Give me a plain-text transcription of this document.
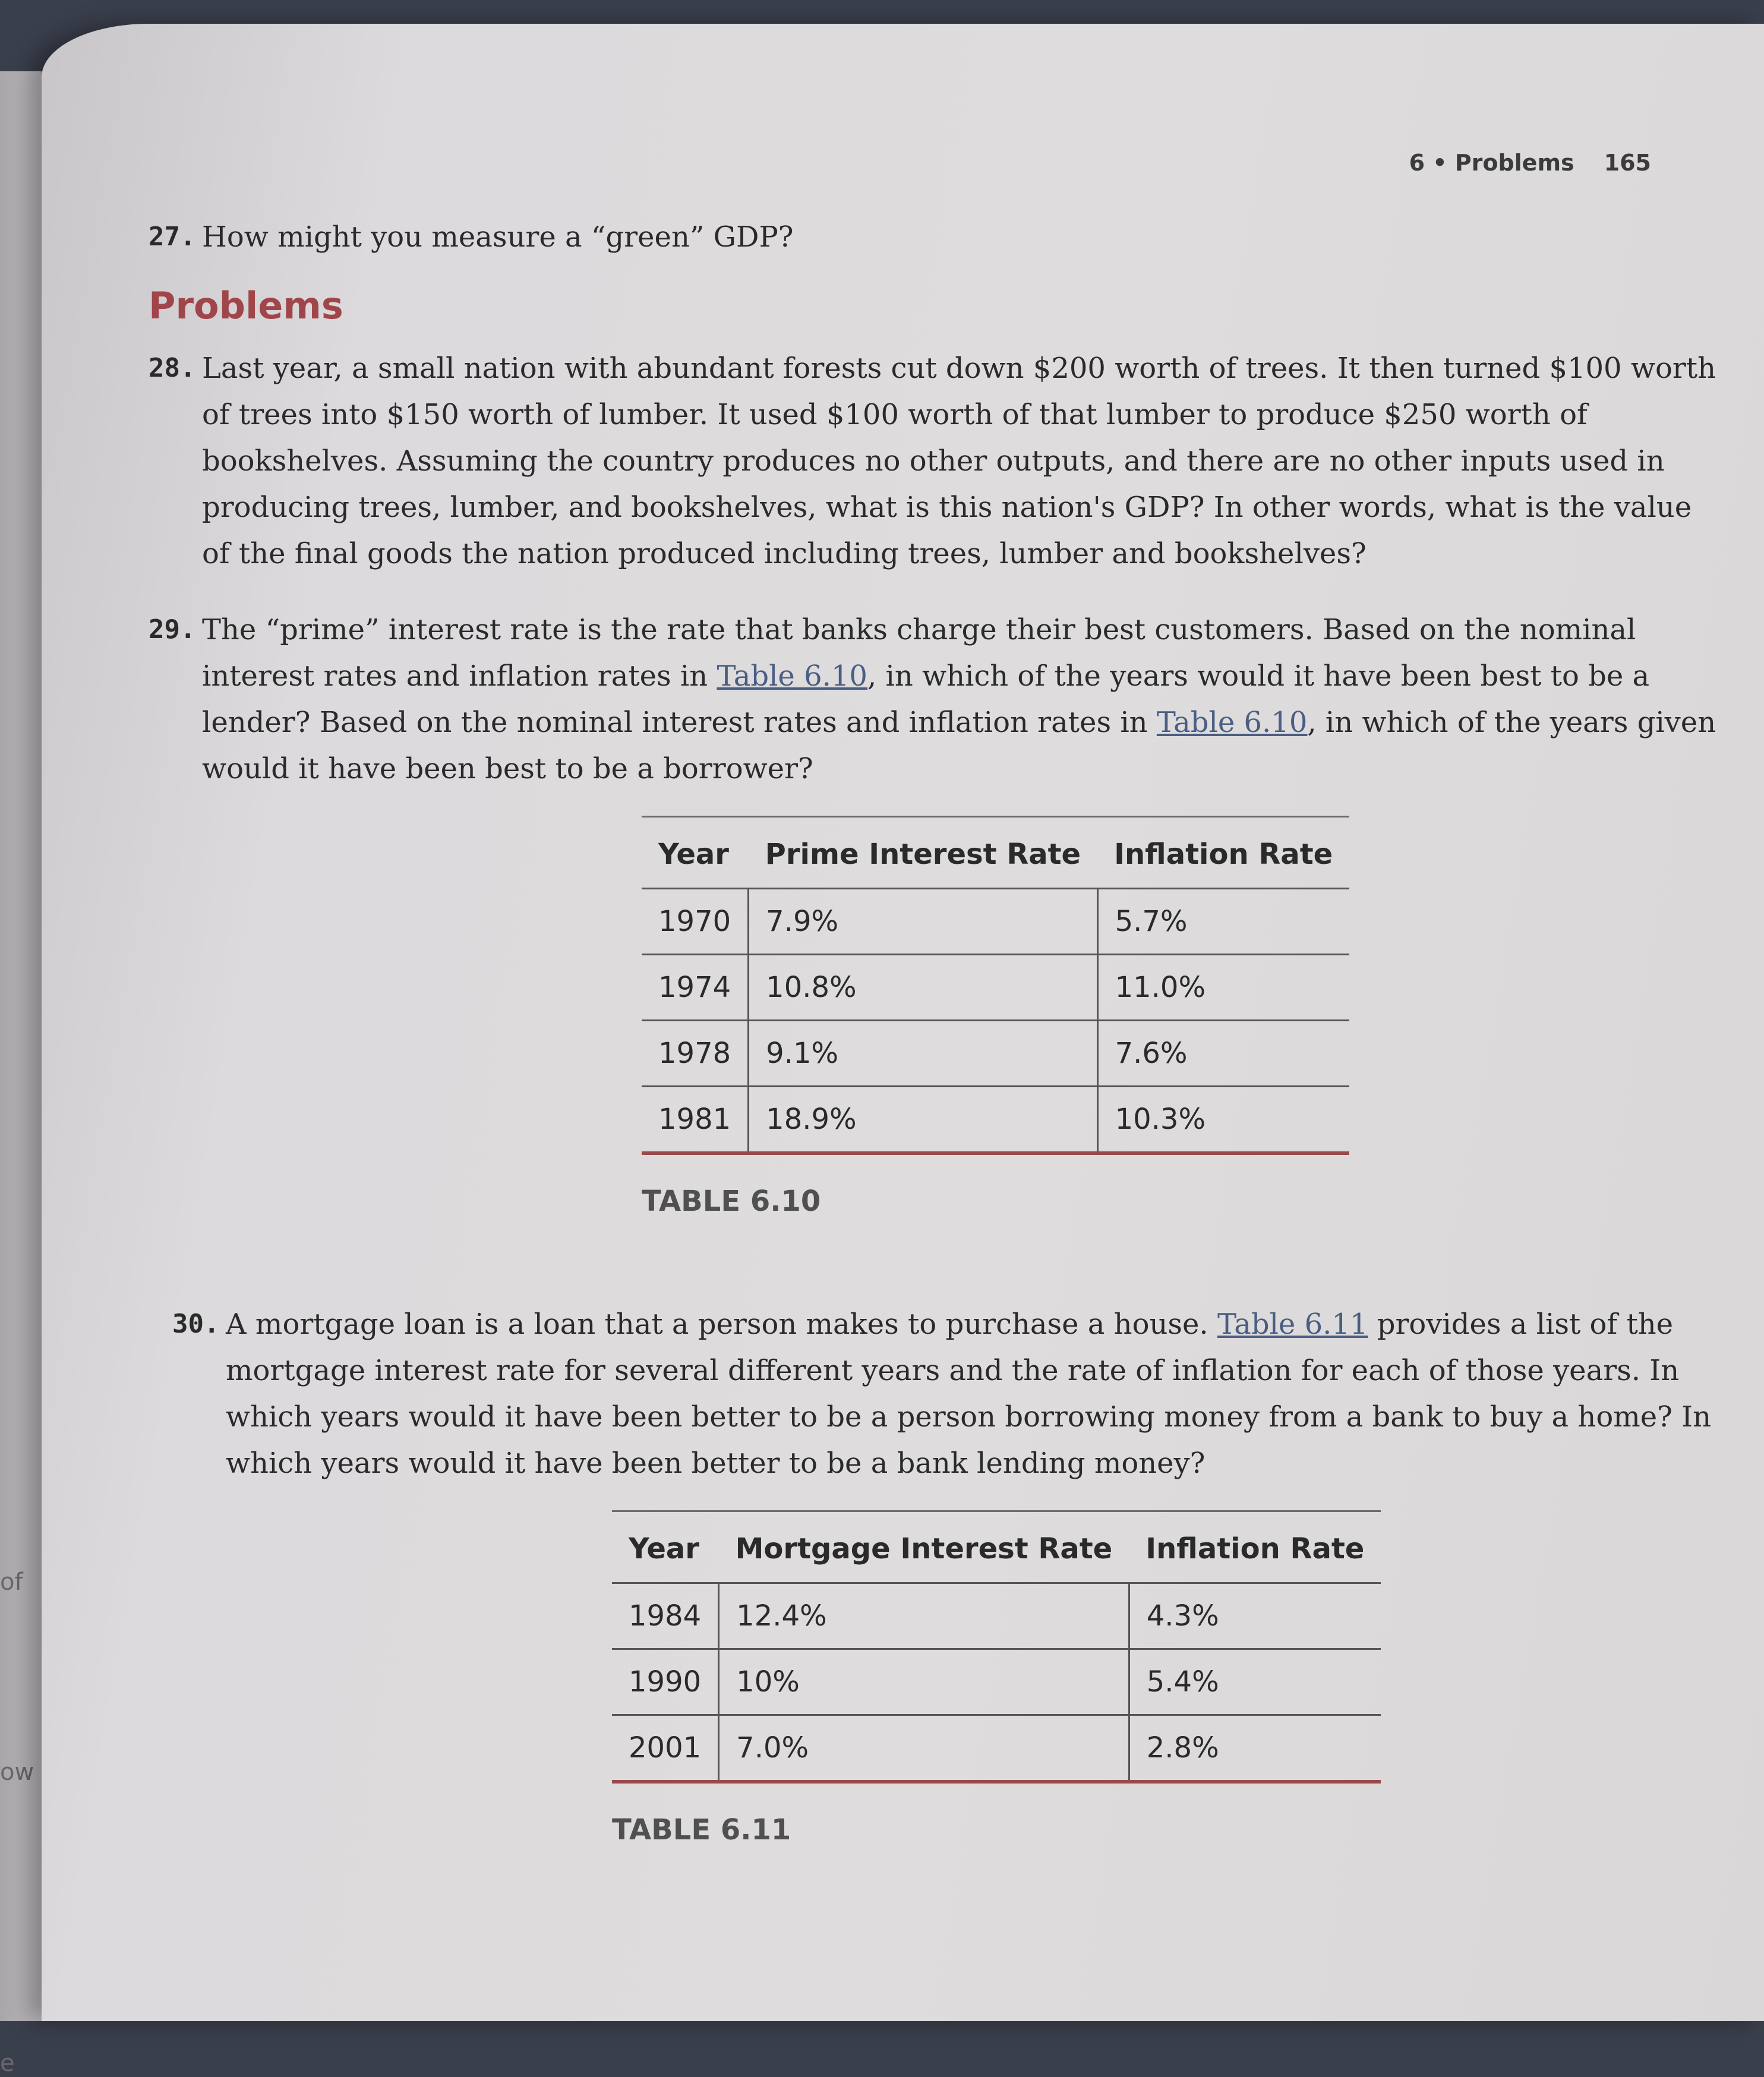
of
ow
e
6 • Problems 165
27. How might you measure a “green” GDP?
Problems
28. Last year, a small nation with abundant forests cut down $200 worth of trees. It then turned $100 worth of trees into $150 worth of lumber. It used $100 worth of that lumber to produce $250 worth of bookshelves. Assuming the country produces no other outputs, and there are no other inputs used in producing trees, lumber, and bookshelves, what is this nation's GDP? In other words, what is the value of the final goods the nation produced including trees, lumber and bookshelves?
29. The “prime” interest rate is the rate that banks charge their best customers. Based on the nominal interest rates and inflation rates in Table 6.10, in which of the years would it have been best to be a lender? Based on the nominal interest rates and inflation rates in Table 6.10, in which of the years given would it have been best to be a borrower?
Year	Prime Interest Rate	Inflation Rate
1970	7.9%	5.7%
1974	10.8%	11.0%
1978	9.1%	7.6%
1981	18.9%	10.3%
TABLE 6.10
30. A mortgage loan is a loan that a person makes to purchase a house. Table 6.11 provides a list of the mortgage interest rate for several different years and the rate of inflation for each of those years. In which years would it have been better to be a person borrowing money from a bank to buy a home? In which years would it have been better to be a bank lending money?
Year	Mortgage Interest Rate	Inflation Rate
1984	12.4%	4.3%
1990	10%	5.4%
2001	7.0%	2.8%
TABLE 6.11
